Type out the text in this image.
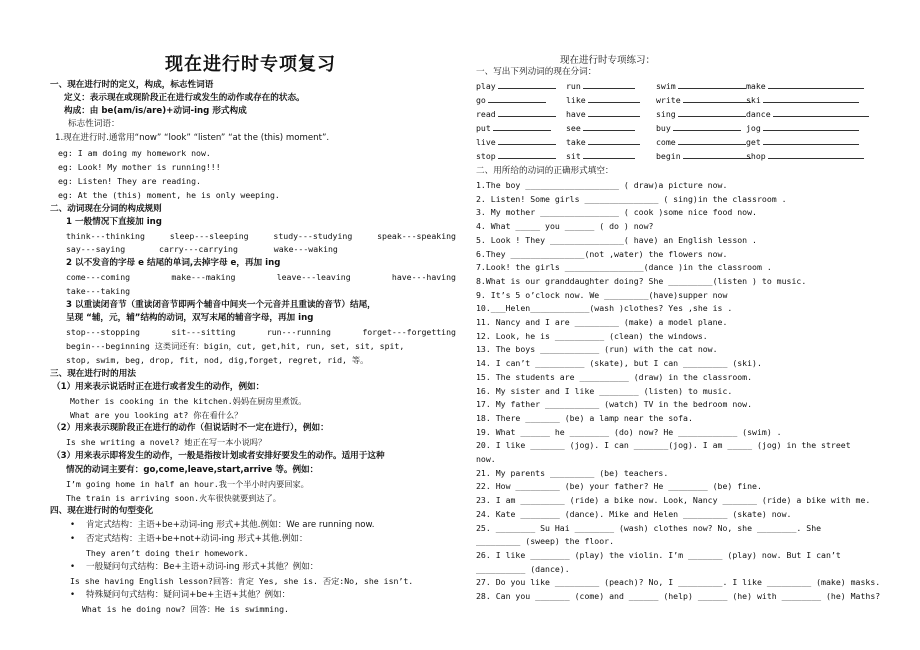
现在进行时专项复习
一、现在进行时的定义，构成，标志性词语
定义：表示现在或现阶段正在进行或发生的动作或存在的状态。
构成：由 be(am/is/are)+动词-ing 形式构成
标志性词语：
1.现在进行时.通常用“now” “look” “listen” “at the (this) moment”.
eg: I am doing my homework now.
eg: Look! My mother is running!!!
eg: Listen! They are reading.
eg: At the (this) moment, he is only weeping.
二、动词现在分词的构成规则
1 一般情况下直接加 ing
think---thinking	sleep---sleeping	study---studying	speak---speaking
say---saying	carry---carrying	wake---waking
2 以不发音的字母 e 结尾的单词,去掉字母 e，再加 ing
come---coming	make---making	leave---leaving	have---having
take---taking
3 以重读闭音节（重读闭音节即两个辅音中间夹一个元音并且重读的音节）结尾，
呈现 “辅，元，辅”结构的动词，双写末尾的辅音字母，再加 ing
stop---stopping	sit---sitting	run---running	forget---forgetting
begin---beginning 这类词还有：bigin，cut, get,hit, run, set, sit, spit,
stop, swim, beg, drop, fit, nod, dig,forget, regret, rid, 等。
三、现在进行时的用法
（1）用来表示说话时正在进行或者发生的动作，例如：
Mother is cooking in the kitchen.妈妈在厨房里煮饭。
What are you looking at? 你在看什么？
（2）用来表示现阶段正在进行的动作（但说话时不一定在进行），例如：
Is she writing a novel? 她正在写一本小说吗？
（3）用来表示即将发生的动作，一般是指按计划或者安排好要发生的动作。适用于这种
情况的动词主要有：go,come,leave,start,arrive 等。例如：
I’m going home in half an hour.我一个半小时内要回家。
The train is arriving soon.火车很快就要到达了。
四、现在进行时的句型变化
• 肯定式结构：主语+be+动词-ing 形式+其他.例如：We are running now.
• 否定式结构：主语+be+not+动词-ing 形式+其他.例如：
They aren’t doing their homework.
• 一般疑问句式结构：Be+主语+动词-ing 形式+其他？例如：
Is she having English lesson?回答：肯定 Yes, she is. 否定:No, she isn’t.
• 特殊疑问句式结构：疑问词+be+主语+其他？例如：
What is he doing now? 回答：He is swimming.
现在进行时专项练习：
一、写出下列动词的现在分词：
play	run	swim	make
go	like	write	ski
read	have	sing	dance
put	see	buy	jog
live	take	come	get
stop	sit	begin	shop
二、用所给的动词的正确形式填空：
1.The boy ___________________ ( draw)a picture now.
2. Listen! Some girls _______________ ( sing)in the classroom .
3. My mother ________________ ( cook )some nice food now.
4. What _____ you ______ ( do ) now?
5. Look ! They _______________( have) an English lesson .
6.They _______________(not ,water) the flowers now.
7.Look! the girls ________________(dance )in the classroom .
8.What is our granddaughter doing? She _________(listen ) to music.
9. It’s 5 o’clock now. We _________(have)supper now
10.___Helen____________(wash )clothes? Yes ,she is .
11. Nancy and I are _________ (make) a model plane.
12. Look, he is __________ (clean) the windows.
13. The boys ____________ (run) with the cat now.
14. I can’t __________ (skate), but I can _________ (ski).
15. The students are __________ (draw) in the classroom.
16. My sister and I like ________ (listen) to music.
17. My father ___________ (watch) TV in the bedroom now.
18. There _______ (be) a lamp near the sofa.
19. What ______ he ________ (do) now? He ____________ (swim) .
20. I like _______ (jog). I can _______(jog). I am _____ (jog) in the street
now.
21. My parents _________ (be) teachers.
22. How _________ (be) your father? He ________ (be) fine.
23. I am _________ (ride) a bike now. Look, Nancy _______ (ride) a bike with me.
24. Kate ________ (dance). Mike and Helen _________ (skate) now.
25. ________ Su Hai ________ (wash) clothes now? No, she ________. She
_________ (sweep) the floor.
26. I like ________ (play) the violin. I’m _______ (play) now. But I can’t
__________ (dance).
27. Do you like _________ (peach)? No, I _________. I like _________ (make) masks.
28. Can you _______ (come) and ______ (help) ______ (he) with ________ (he) Maths?
